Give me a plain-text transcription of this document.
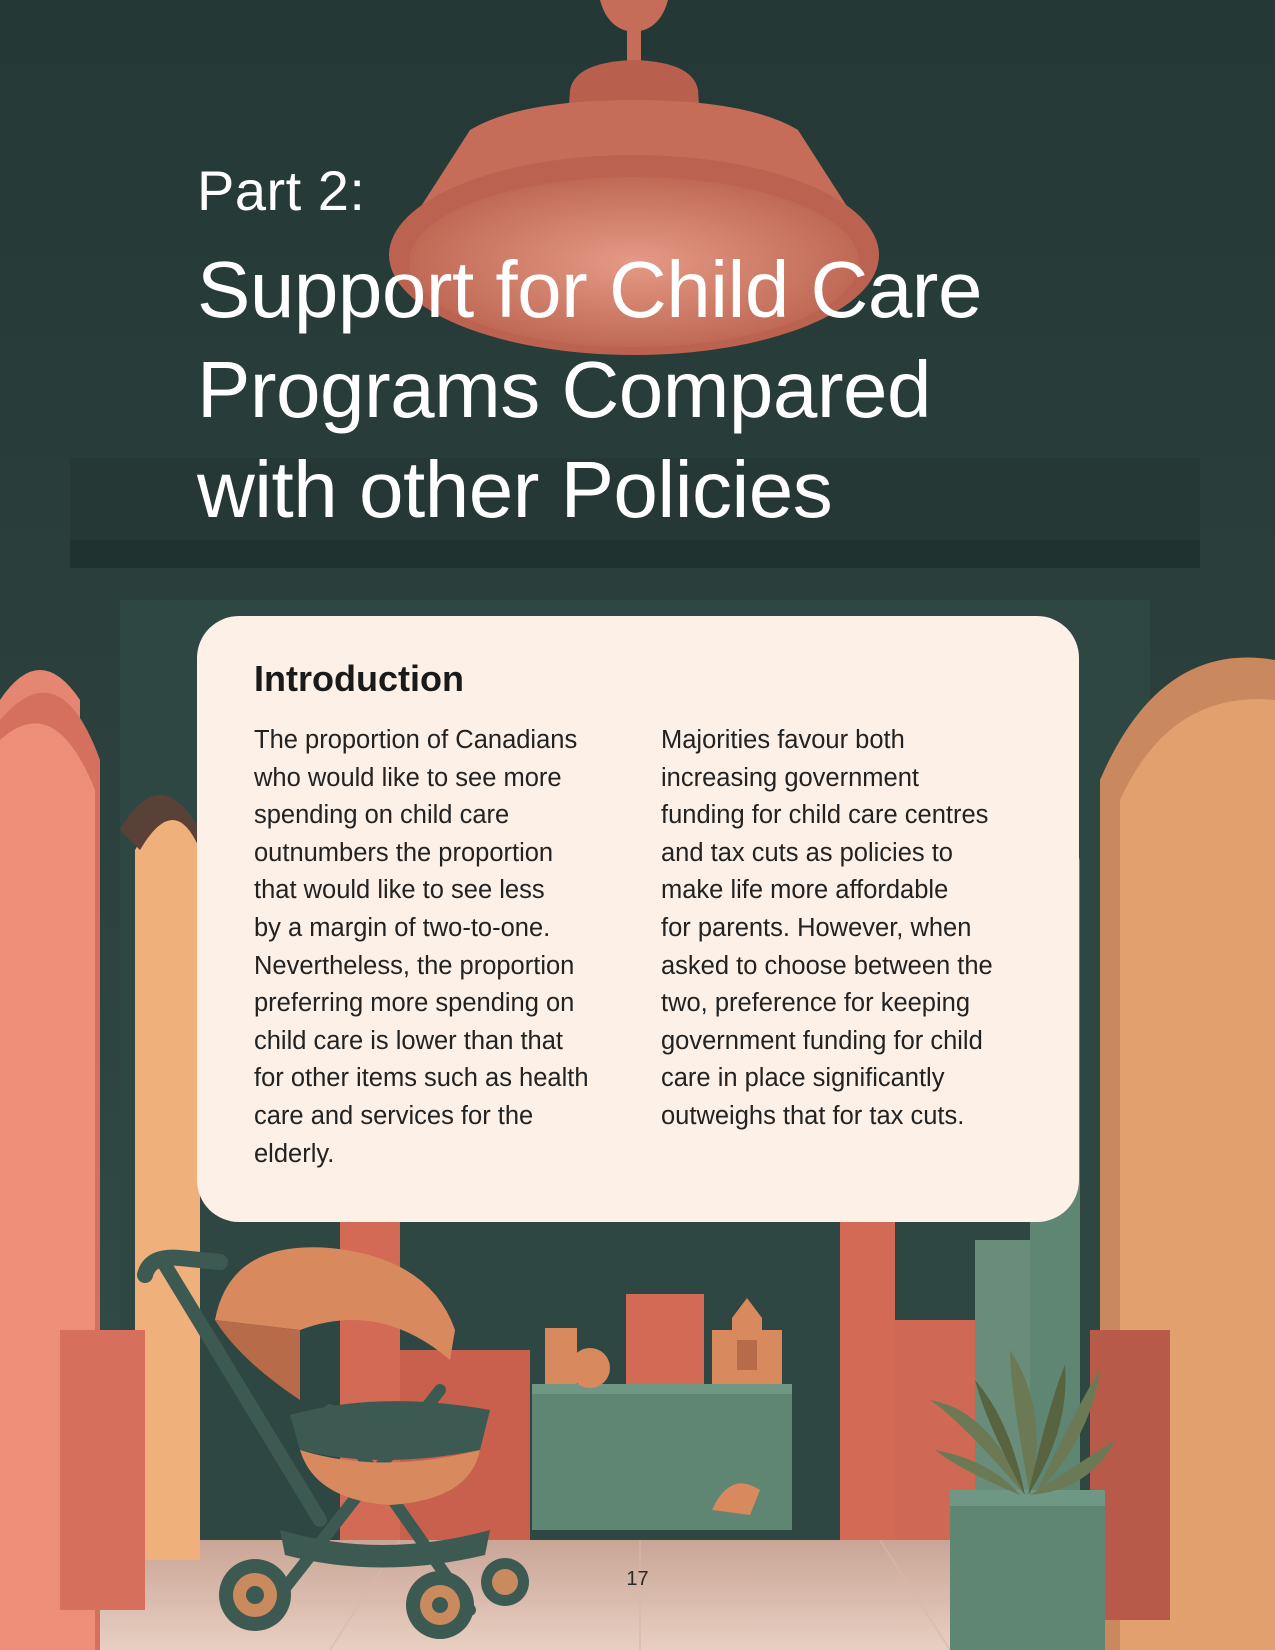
Part 2:
Support for Child Care
Programs Compared
with other Policies
Introduction

The proportion of Canadians
who would like to see more
spending on child care
outnumbers the proportion
that would like to see less
by a margin of two-to-one.
Nevertheless, the proportion
preferring more spending on
child care is lower than that
for other items such as health
care and services for the
elderly.

Majorities favour both
increasing government
funding for child care centres
and tax cuts as policies to
make life more affordable
for parents. However, when
asked to choose between the
two, preference for keeping
government funding for child
care in place significantly
outweighs that for tax cuts.

17
